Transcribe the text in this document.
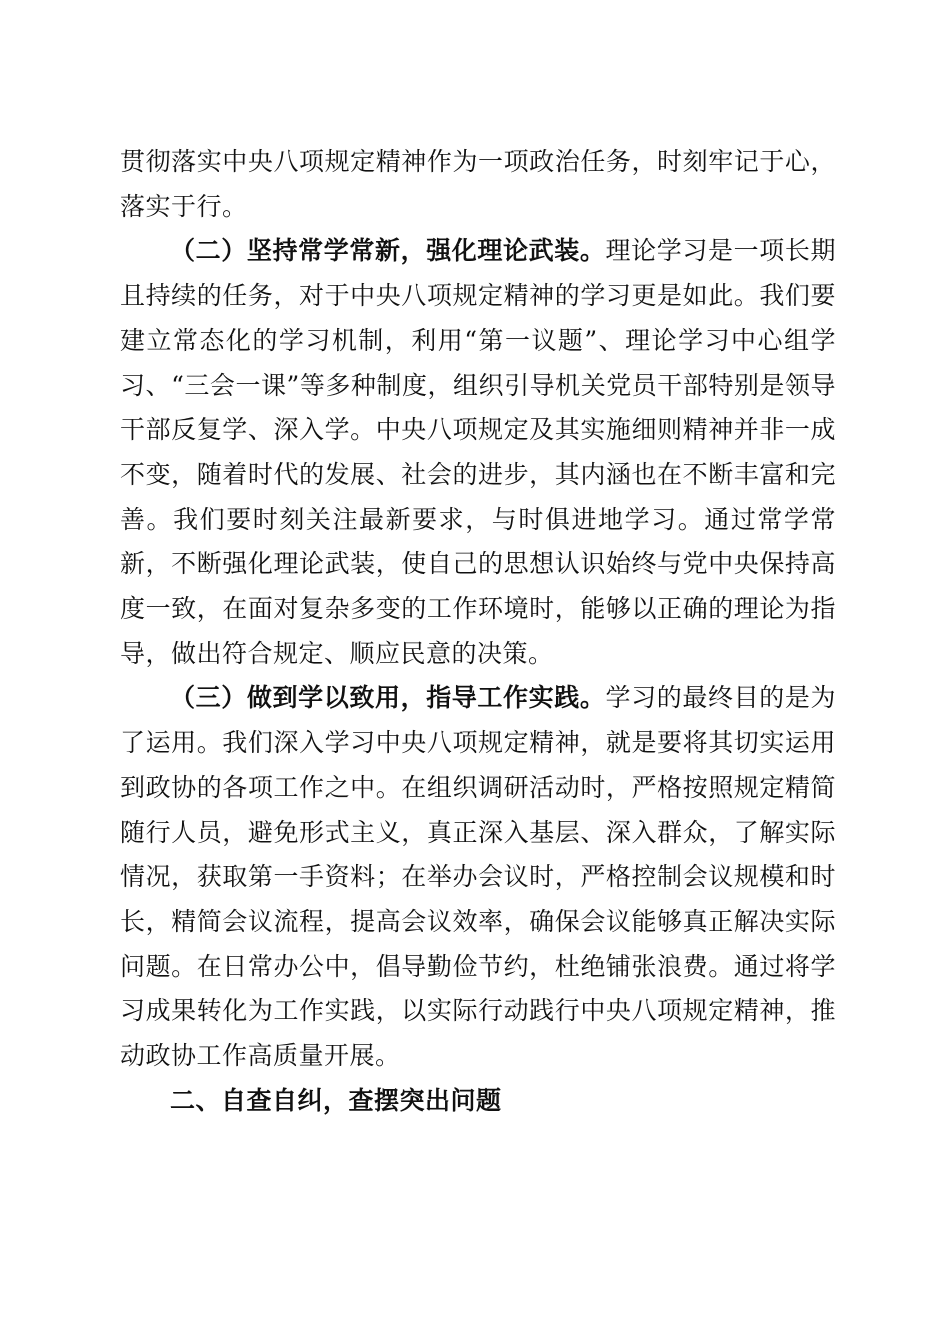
贯彻落实中央八项规定精神作为一项政治任务，时刻牢记于心，落实于行。

（二）坚持常学常新，强化理论武装。理论学习是一项长期且持续的任务，对于中央八项规定精神的学习更是如此。我们要建立常态化的学习机制，利用“第一议题”、理论学习中心组学习、“三会一课”等多种制度，组织引导机关党员干部特别是领导干部反复学、深入学。中央八项规定及其实施细则精神并非一成不变，随着时代的发展、社会的进步，其内涵也在不断丰富和完善。我们要时刻关注最新要求，与时俱进地学习。通过常学常新，不断强化理论武装，使自己的思想认识始终与党中央保持高度一致，在面对复杂多变的工作环境时，能够以正确的理论为指导，做出符合规定、顺应民意的决策。

（三）做到学以致用，指导工作实践。学习的最终目的是为了运用。我们深入学习中央八项规定精神，就是要将其切实运用到政协的各项工作之中。在组织调研活动时，严格按照规定精简随行人员，避免形式主义，真正深入基层、深入群众，了解实际情况，获取第一手资料；在举办会议时，严格控制会议规模和时长，精简会议流程，提高会议效率，确保会议能够真正解决实际问题。在日常办公中，倡导勤俭节约，杜绝铺张浪费。通过将学习成果转化为工作实践，以实际行动践行中央八项规定精神，推动政协工作高质量开展。

二、自查自纠，查摆突出问题
